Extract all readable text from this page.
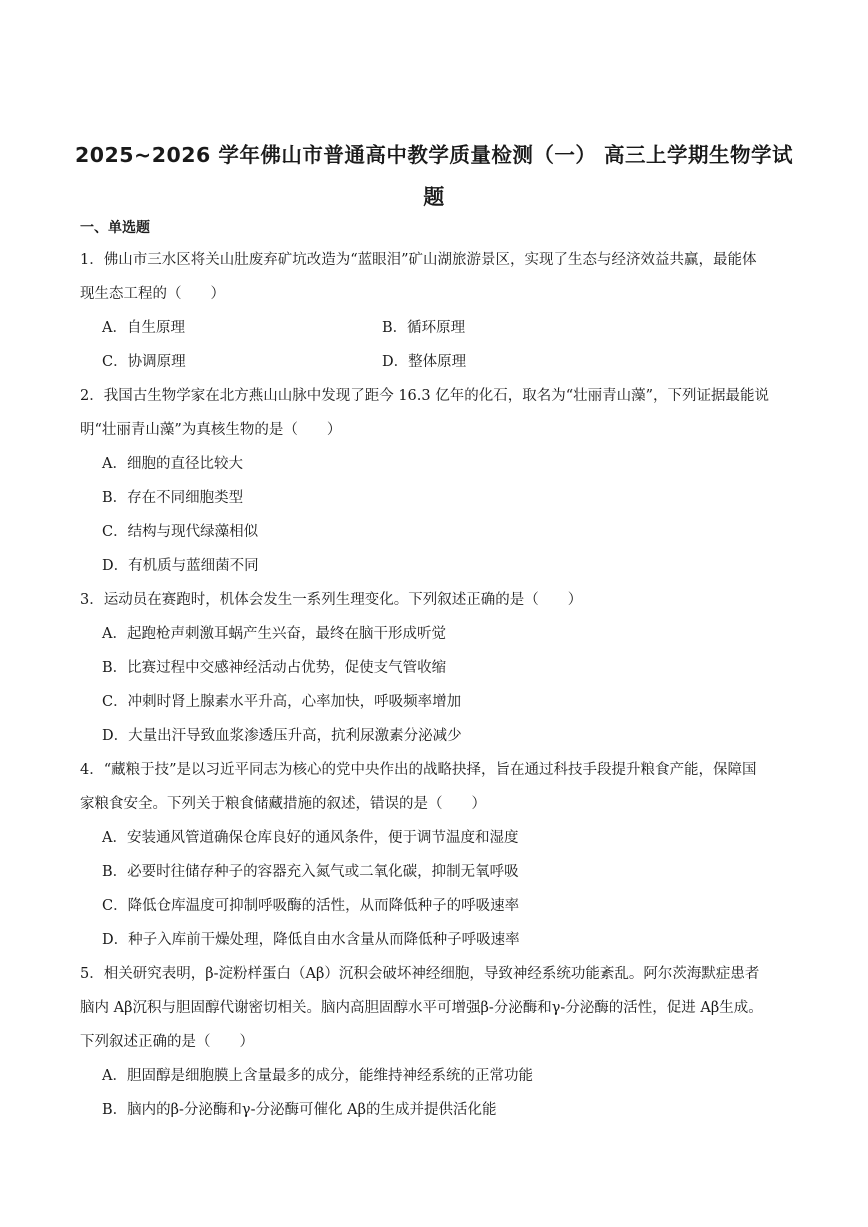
2025~2026 学年佛山市普通高中教学质量检测（一） 高三上学期生物学试
题
一、单选题
1．佛山市三水区将关山肚废弃矿坑改造为“蓝眼泪”矿山湖旅游景区，实现了生态与经济效益共赢，最能体
现生态工程的（　　）
A．自生原理	B．循环原理
C．协调原理	D．整体原理
2．我国古生物学家在北方燕山山脉中发现了距今 16.3 亿年的化石，取名为“壮丽青山藻”，下列证据最能说
明“壮丽青山藻”为真核生物的是（　　）
A．细胞的直径比较大
B．存在不同细胞类型
C．结构与现代绿藻相似
D．有机质与蓝细菌不同
3．运动员在赛跑时，机体会发生一系列生理变化。下列叙述正确的是（　　）
A．起跑枪声刺激耳蜗产生兴奋，最终在脑干形成听觉
B．比赛过程中交感神经活动占优势，促使支气管收缩
C．冲刺时肾上腺素水平升高，心率加快，呼吸频率增加
D．大量出汗导致血浆渗透压升高，抗利尿激素分泌减少
4．“藏粮于技”是以习近平同志为核心的党中央作出的战略抉择，旨在通过科技手段提升粮食产能，保障国
家粮食安全。下列关于粮食储藏措施的叙述，错误的是（　　）
A．安装通风管道确保仓库良好的通风条件，便于调节温度和湿度
B．必要时往储存种子的容器充入氮气或二氧化碳，抑制无氧呼吸
C．降低仓库温度可抑制呼吸酶的活性，从而降低种子的呼吸速率
D．种子入库前干燥处理，降低自由水含量从而降低种子呼吸速率
5．相关研究表明，β-淀粉样蛋白（Aβ）沉积会破坏神经细胞，导致神经系统功能紊乱。阿尔茨海默症患者
脑内 Aβ沉积与胆固醇代谢密切相关。脑内高胆固醇水平可增强β-分泌酶和γ-分泌酶的活性，促进 Aβ生成。
下列叙述正确的是（　　）
A．胆固醇是细胞膜上含量最多的成分，能维持神经系统的正常功能
B．脑内的β-分泌酶和γ-分泌酶可催化 Aβ的生成并提供活化能
